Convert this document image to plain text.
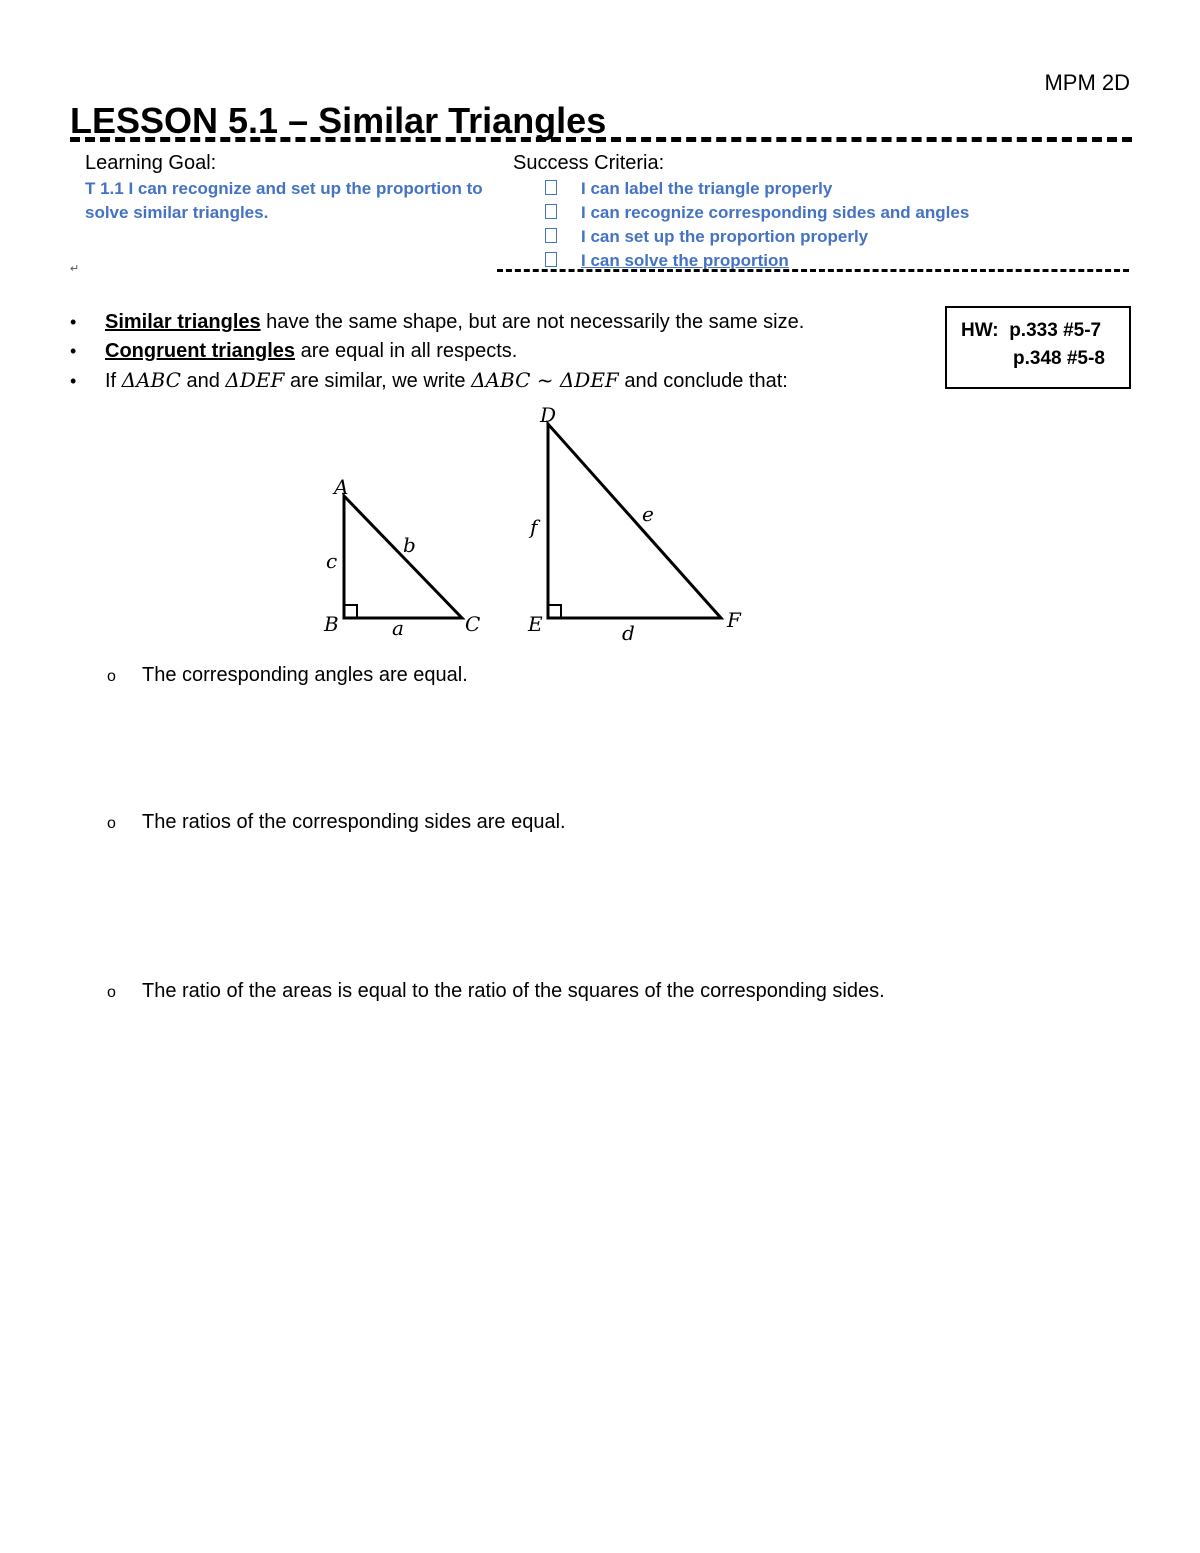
MPM 2D
LESSON 5.1 – Similar Triangles
Learning Goal:
T 1.1 I can recognize and set up the proportion to solve similar triangles.
Success Criteria:
I can label the triangle properly
I can recognize corresponding sides and angles
I can set up the proportion properly
I can solve the proportion
↵
• Similar triangles have the same shape, but are not necessarily the same size.
• Congruent triangles are equal in all respects.
• If ΔABC and ΔDEF are similar, we write ΔABC ~ ΔDEF and conclude that:
HW: p.333 #5-7
p.348 #5-8
A
B	C
a
b
c
D
E	F
d
e
f
o The corresponding angles are equal.
o The ratios of the corresponding sides are equal.
o The ratio of the areas is equal to the ratio of the squares of the corresponding sides.
